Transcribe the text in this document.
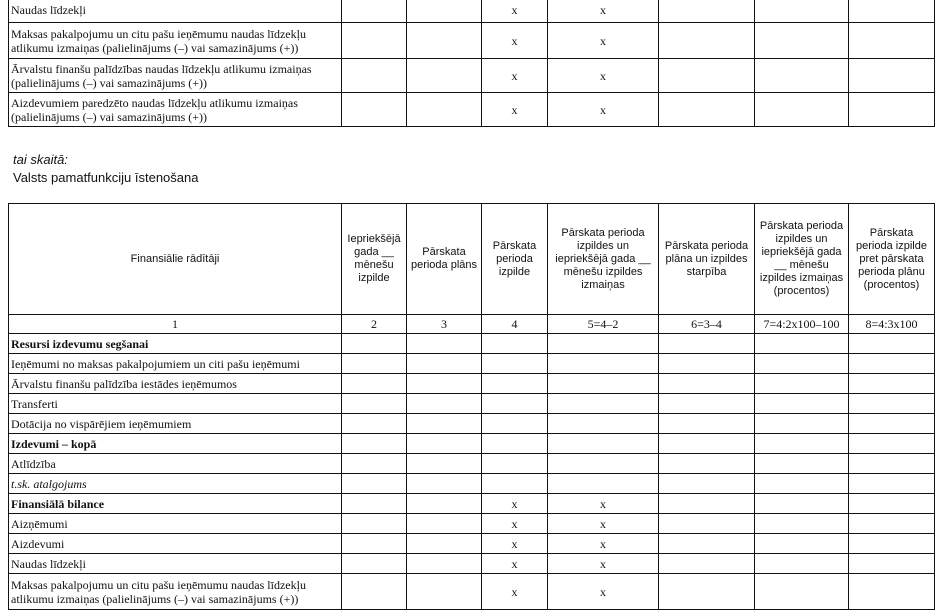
Naudas līdzekļi			x	x			
Maksas pakalpojumu un citu pašu ieņēmumu naudas līdzekļu atlikumu izmaiņas (palielinājums (–) vai samazinājums (+))			x	x			
Ārvalstu finanšu palīdzības naudas līdzekļu atlikumu izmaiņas (palielinājums (–) vai samazinājums (+))			x	x			
Aizdevumiem paredzēto naudas līdzekļu atlikumu izmaiņas (palielinājums (–) vai samazinājums (+))			x	x			
tai skaitā:
Valsts pamatfunkciju īstenošana
Finansiālie rādītāji	Iepriekšējā gada __ mēnešu izpilde	Pārskata perioda plāns	Pārskata perioda izpilde	Pārskata perioda izpildes un iepriekšējā gada __ mēnešu izpildes izmaiņas	Pārskata perioda plāna un izpildes starpība	Pārskata perioda izpildes un iepriekšējā gada __ mēnešu izpildes izmaiņas (procentos)	Pārskata perioda izpilde pret pārskata perioda plānu (procentos)
1	2	3	4	5=4–2	6=3–4	7=4:2x100–100	8=4:3x100
Resursi izdevumu segšanai							
Ieņēmumi no maksas pakalpojumiem un citi pašu ieņēmumi							
Ārvalstu finanšu palīdzība iestādes ieņēmumos							
Transferti							
Dotācija no vispārējiem ieņēmumiem							
Izdevumi – kopā							
Atlīdzība							
t.sk. atalgojums							
Finansiālā bilance			x	x			
Aizņēmumi			x	x			
Aizdevumi			x	x			
Naudas līdzekļi			x	x			
Maksas pakalpojumu un citu pašu ieņēmumu naudas līdzekļu atlikumu izmaiņas (palielinājums (–) vai samazinājums (+))			x	x			
